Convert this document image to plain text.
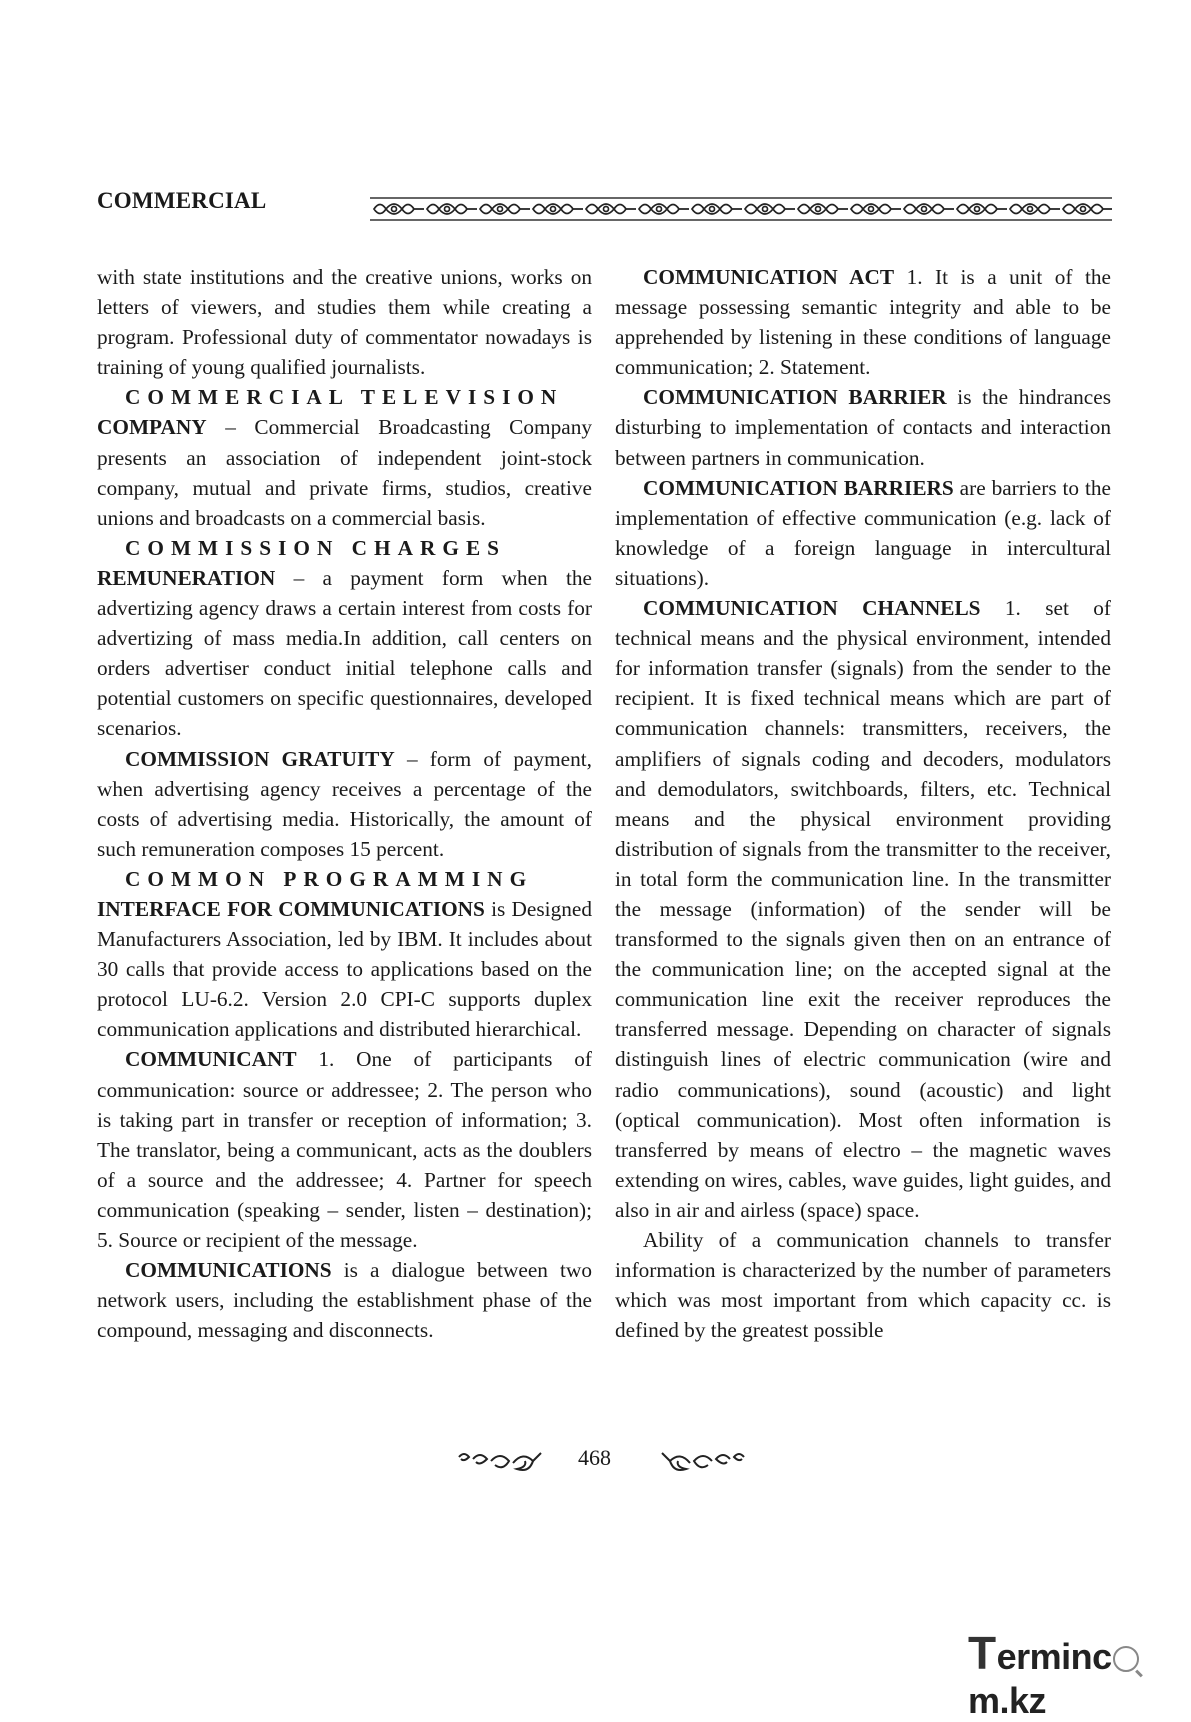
COMMERCIAL

with state institutions and the creative unions, works on letters of viewers, and studies them while creating a program. Professional duty of commentator nowadays is training of young qualified journalists.

COMMERCIAL TELEVISION
COMPANY – Commercial Broadcasting Company presents an association of independent joint-stock company, mutual and private firms, studios, creative unions and broadcasts on a commercial basis.

COMMISSION CHARGES
REMUNERATION – a payment form when the advertizing agency draws a certain interest from costs for advertizing of mass media.In addition, call centers on orders advertiser conduct initial telephone calls and potential customers on specific questionnaires, developed scenarios.

COMMISSION GRATUITY – form of payment, when advertising agency receives a percentage of the costs of advertising media. Historically, the amount of such remuneration composes 15 percent.

COMMON PROGRAMMING
INTERFACE FOR COMMUNICATIONS is Designed Manufacturers Association, led by IBM. It includes about 30 calls that provide access to applications based on the protocol LU-6.2. Version 2.0 CPI-C supports duplex communication applications and distributed hierarchical.

COMMUNICANT 1. One of participants of communication: source or addressee; 2. The person who is taking part in transfer or reception of information; 3. The translator, being a communicant, acts as the doublers of a source and the addressee; 4. Partner for speech communication (speaking – sender, listen – destination); 5. Source or recipient of the message.

COMMUNICATIONS is a dialogue between two network users, including the establishment phase of the compound, messaging and disconnects.

COMMUNICATION ACT 1. It is a unit of the message possessing semantic integrity and able to be apprehended by listening in these conditions of language communication; 2. Statement.

COMMUNICATION BARRIER is the hindrances disturbing to implementation of contacts and interaction between partners in communication.

COMMUNICATION BARRIERS are barriers to the implementation of effective communication (e.g. lack of knowledge of a foreign language in intercultural situations).

COMMUNICATION CHANNELS 1. set of technical means and the physical environment, intended for information transfer (signals) from the sender to the recipient. It is fixed technical means which are part of communication channels: transmitters, receivers, the amplifiers of signals coding and decoders, modulators and demodulators, switchboards, filters, etc. Technical means and the physical environment providing distribution of signals from the transmitter to the receiver, in total form the communication line. In the transmitter the message (information) of the sender will be transformed to the signals given then on an entrance of the communication line; on the accepted signal at the communication line exit the receiver reproduces the transferred message. Depending on character of signals distinguish lines of electric communication (wire and radio communications), sound (acoustic) and light (optical communication). Most often information is transferred by means of electro – the magnetic waves extending on wires, cables, wave guides, light guides, and also in air and airless (space) space.

Ability of a communication channels to transfer information is characterized by the number of parameters which was most important from which capacity cc. is defined by the greatest possible

468
Termincm.kz
